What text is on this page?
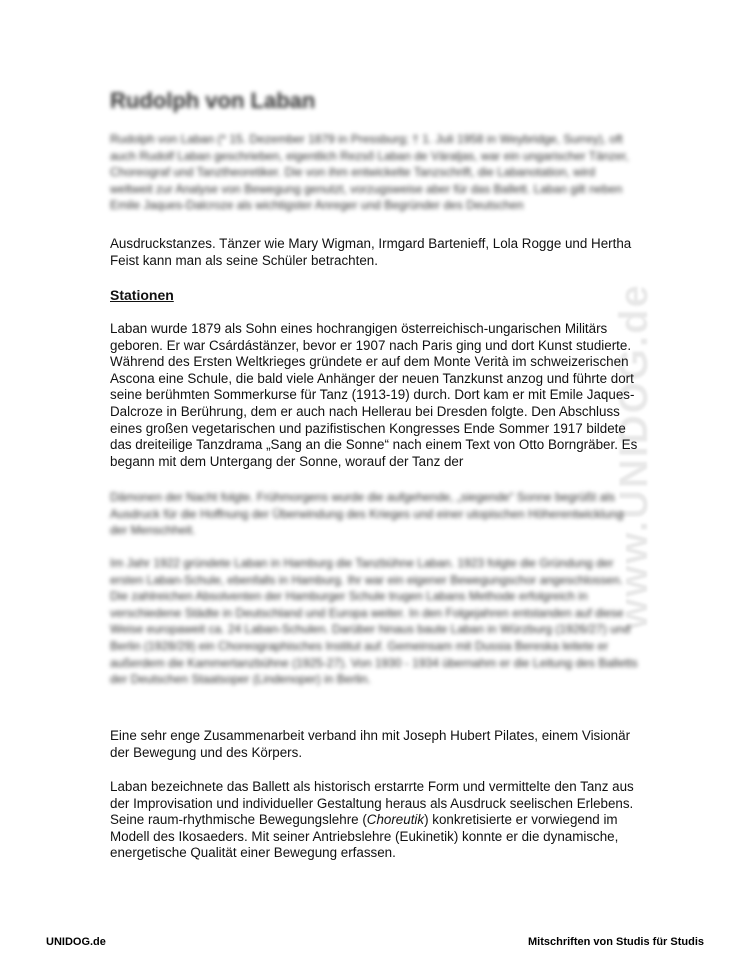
www.UNIDOG.de
Rudolph von Laban

Rudolph von Laban (* 15. Dezember 1879 in Pressburg; † 1. Juli 1958 in Weybridge, Surrey), oft auch Rudolf Laban geschrieben, eigentlich Rezső Laban de Váraljas, war ein ungarischer Tänzer, Choreograf und Tanztheoretiker. Die von ihm entwickelte Tanzschrift, die Labanotation, wird weltweit zur Analyse von Bewegung genutzt, vorzugsweise aber für das Ballett. Laban gilt neben Emile Jaques-Dalcroze als wichtigster Anreger und Begründer des Deutschen

Ausdruckstanzes. Tänzer wie Mary Wigman, Irmgard Bartenieff, Lola Rogge und Hertha Feist kann man als seine Schüler betrachten.

Stationen

Laban wurde 1879 als Sohn eines hochrangigen österreichisch-ungarischen Militärs geboren. Er war Csárdástänzer, bevor er 1907 nach Paris ging und dort Kunst studierte. Während des Ersten Weltkrieges gründete er auf dem Monte Verità im schweizerischen Ascona eine Schule, die bald viele Anhänger der neuen Tanzkunst anzog und führte dort seine berühmten Sommerkurse für Tanz (1913-19) durch. Dort kam er mit Emile Jaques-Dalcroze in Berührung, dem er auch nach Hellerau bei Dresden folgte. Den Abschluss eines großen vegetarischen und pazifistischen Kongresses Ende Sommer 1917 bildete das dreiteilige Tanzdrama „Sang an die Sonne“ nach einem Text von Otto Borngräber. Es begann mit dem Untergang der Sonne, worauf der Tanz der

Dämonen der Nacht folgte. Frühmorgens wurde die aufgehende, „siegende“ Sonne begrüßt als Ausdruck für die Hoffnung der Überwindung des Krieges und einer utopischen Höherentwicklung der Menschheit.

Im Jahr 1922 gründete Laban in Hamburg die Tanzbühne Laban. 1923 folgte die Gründung der ersten Laban-Schule, ebenfalls in Hamburg. Ihr war ein eigener Bewegungschor angeschlossen. Die zahlreichen Absolventen der Hamburger Schule trugen Labans Methode erfolgreich in verschiedene Städte in Deutschland und Europa weiter. In den Folgejahren entstanden auf diese Weise europaweit ca. 24 Laban-Schulen. Darüber hinaus baute Laban in Würzburg (1926/27) und Berlin (1928/29) ein Choreographisches Institut auf. Gemeinsam mit Dussia Bereska leitete er außerdem die Kammertanzbühne (1925-27). Von 1930 - 1934 übernahm er die Leitung des Balletts der Deutschen Staatsoper (Lindenoper) in Berlin.

Eine sehr enge Zusammenarbeit verband ihn mit Joseph Hubert Pilates, einem Visionär der Bewegung und des Körpers.

Laban bezeichnete das Ballett als historisch erstarrte Form und vermittelte den Tanz aus der Improvisation und individueller Gestaltung heraus als Ausdruck seelischen Erlebens. Seine raum-rhythmische Bewegungslehre (Choreutik) konkretisierte er vorwiegend im Modell des Ikosaeders. Mit seiner Antriebslehre (Eukinetik) konnte er die dynamische, energetische Qualität einer Bewegung erfassen.

UNIDOG.de	Mitschriften von Studis für Studis
